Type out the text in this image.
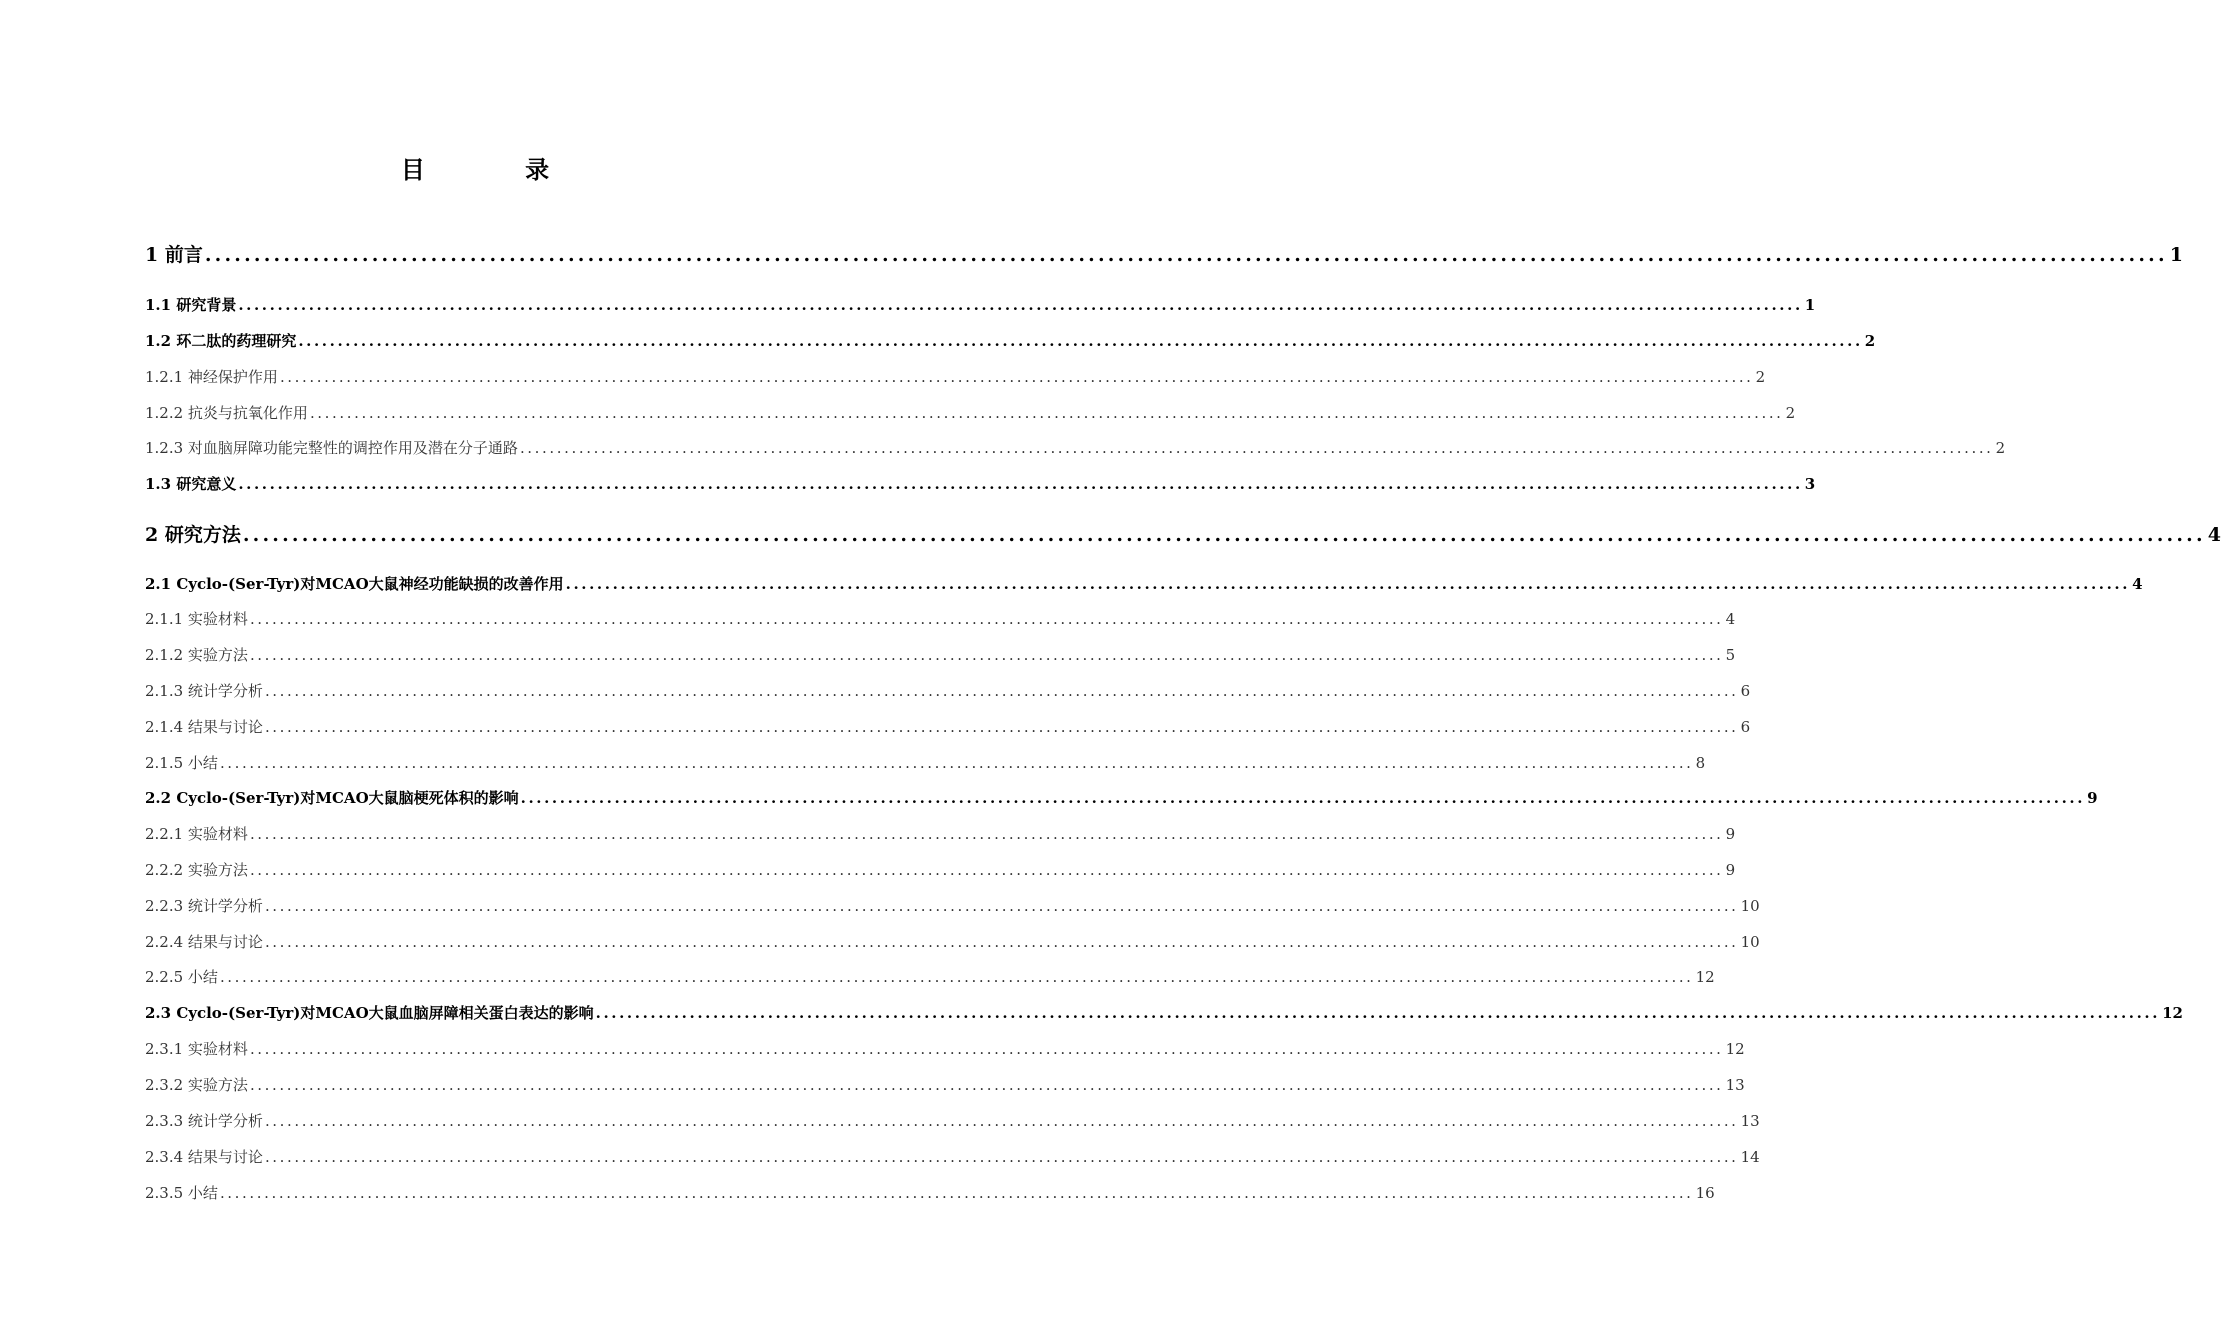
目 录
1 前言 ........................................................................................................................................................................................................ 1
1.1 研究背景 ........................................................................................................................................................................................................ 1
1.2 环二肽的药理研究 ........................................................................................................................................................................................................ 2
1.2.1 神经保护作用 ........................................................................................................................................................................................................ 2
1.2.2 抗炎与抗氧化作用 ........................................................................................................................................................................................................ 2
1.2.3 对血脑屏障功能完整性的调控作用及潜在分子通路 ........................................................................................................................................................................................................ 2
1.3 研究意义 ........................................................................................................................................................................................................ 3
2 研究方法 ........................................................................................................................................................................................................ 4
2.1 Cyclo-(Ser-Tyr)对MCAO大鼠神经功能缺损的改善作用 ........................................................................................................................................................................................................ 4
2.1.1 实验材料 ........................................................................................................................................................................................................ 4
2.1.2 实验方法 ........................................................................................................................................................................................................ 5
2.1.3 统计学分析 ........................................................................................................................................................................................................ 6
2.1.4 结果与讨论 ........................................................................................................................................................................................................ 6
2.1.5 小结 ........................................................................................................................................................................................................ 8
2.2 Cyclo-(Ser-Tyr)对MCAO大鼠脑梗死体积的影响 ........................................................................................................................................................................................................ 9
2.2.1 实验材料 ........................................................................................................................................................................................................ 9
2.2.2 实验方法 ........................................................................................................................................................................................................ 9
2.2.3 统计学分析 ........................................................................................................................................................................................................ 10
2.2.4 结果与讨论 ........................................................................................................................................................................................................ 10
2.2.5 小结 ........................................................................................................................................................................................................ 12
2.3 Cyclo-(Ser-Tyr)对MCAO大鼠血脑屏障相关蛋白表达的影响 ........................................................................................................................................................................................................ 12
2.3.1 实验材料 ........................................................................................................................................................................................................ 12
2.3.2 实验方法 ........................................................................................................................................................................................................ 13
2.3.3 统计学分析 ........................................................................................................................................................................................................ 13
2.3.4 结果与讨论 ........................................................................................................................................................................................................ 14
2.3.5 小结 ........................................................................................................................................................................................................ 16
